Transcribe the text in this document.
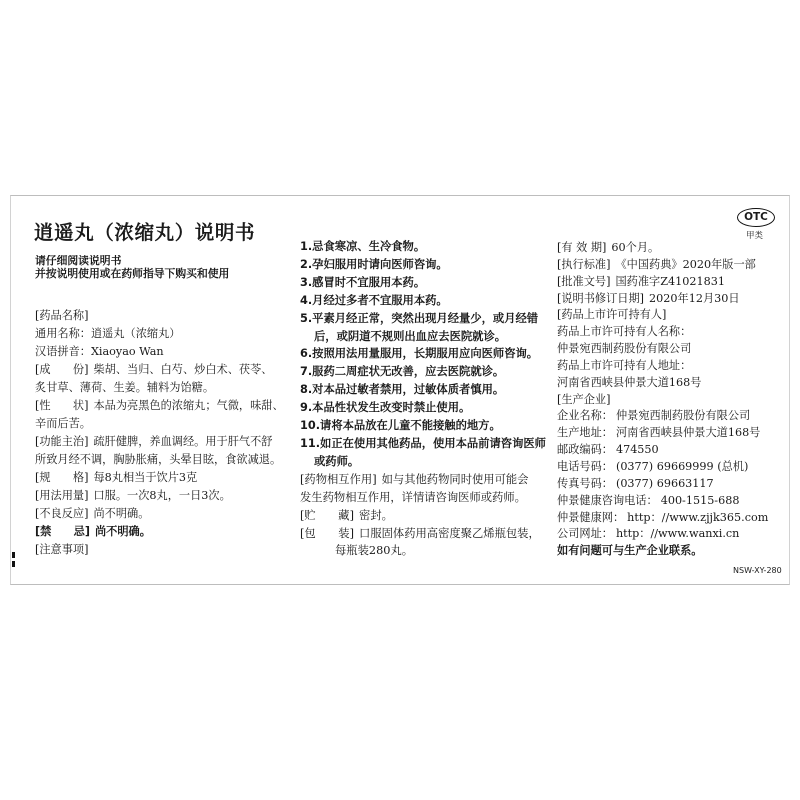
逍遥丸（浓缩丸）说明书
OTC
甲类
请仔细阅读说明书
并按说明使用或在药师指导下购买和使用
[药品名称]
通用名称：逍遥丸（浓缩丸）
汉语拼音：Xiaoyao Wan
[成　　份] 柴胡、当归、白芍、炒白术、茯苓、
炙甘草、薄荷、生姜。辅料为饴糖。
[性　　状] 本品为亮黑色的浓缩丸；气微，味甜、
辛而后苦。
[功能主治] 疏肝健脾，养血调经。用于肝气不舒
所致月经不调，胸胁胀痛，头晕目眩，食欲减退。
[规　　格] 每8丸相当于饮片3克
[用法用量] 口服。一次8丸，一日3次。
[不良反应] 尚不明确。
[禁　　忌] 尚不明确。
[注意事项]
1.忌食寒凉、生冷食物。
2.孕妇服用时请向医师咨询。
3.感冒时不宜服用本药。
4.月经过多者不宜服用本药。
5.平素月经正常，突然出现月经量少，或月经错
后，或阴道不规则出血应去医院就诊。
6.按照用法用量服用，长期服用应向医师咨询。
7.服药二周症状无改善，应去医院就诊。
8.对本品过敏者禁用，过敏体质者慎用。
9.本品性状发生改变时禁止使用。
10.请将本品放在儿童不能接触的地方。
11.如正在使用其他药品，使用本品前请咨询医师
或药师。
[药物相互作用] 如与其他药物同时使用可能会
发生药物相互作用，详情请咨询医师或药师。
[贮　　藏] 密封。
[包　　装] 口服固体药用高密度聚乙烯瓶包装，
每瓶装280丸。
[有 效 期] 60个月。
[执行标准] 《中国药典》2020年版一部
[批准文号] 国药准字Z41021831
[说明书修订日期] 2020年12月30日
[药品上市许可持有人]
药品上市许可持有人名称：
仲景宛西制药股份有限公司
药品上市许可持有人地址：
河南省西峡县仲景大道168号
[生产企业]
企业名称： 仲景宛西制药股份有限公司
生产地址： 河南省西峡县仲景大道168号
邮政编码： 474550
电话号码： (0377) 69669999 (总机)
传真号码： (0377) 69663117
仲景健康咨询电话： 400-1515-688
仲景健康网： http：//www.zjjk365.com
公司网址： http：//www.wanxi.cn
如有问题可与生产企业联系。
NSW-XY-280
